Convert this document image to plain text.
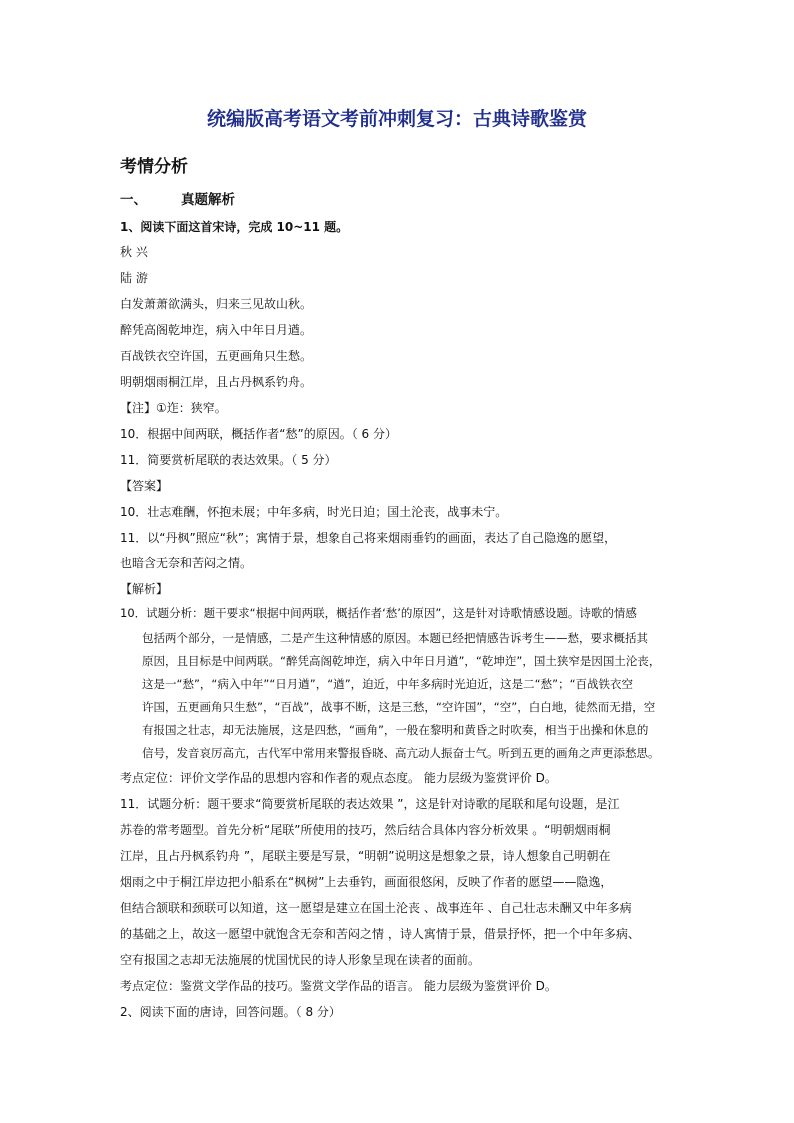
统编版高考语文考前冲刺复习：古典诗歌鉴赏
考情分析
一、	真题解析
1、阅读下面这首宋诗，完成 10~11 题。
秋 兴
陆 游
白发萧萧欲满头，归来三见故山秋。
醉凭高阁乾坤迮，病入中年日月遒。
百战铁衣空许国，五更画角只生愁。
明朝烟雨桐江岸，且占丹枫系钓舟。
【注】①迮：狭窄。
10．根据中间两联，概括作者“愁”的原因。（ 6 分）
11．简要赏析尾联的表达效果。（ 5 分）
【答案】
10．壮志难酬，怀抱未展；中年多病，时光日迫；国土沦丧，战事未宁。
11．以“丹枫”照应“秋”；寓情于景，想象自己将来烟雨垂钓的画面，表达了自己隐逸的愿望，
也暗含无奈和苦闷之情。
【解析】
10．试题分析：题干要求“根据中间两联，概括作者‘愁’的原因”，这是针对诗歌情感设题。诗歌的情感
包括两个部分，一是情感，二是产生这种情感的原因。本题已经把情感告诉考生——愁，要求概括其
原因，且目标是中间两联。“醉凭高阁乾坤迮，病入中年日月遒”，“乾坤迮”，国土狭窄是因国土沦丧，
这是一“愁”，“病入中年”“日月遒”，“遒”，迫近，中年多病时光迫近，这是二“愁”；“百战铁衣空
许国，五更画角只生愁”，“百战”，战事不断，这是三愁，“空许国”，“空”，白白地，徒然而无措，空
有报国之壮志，却无法施展，这是四愁，“画角”，一般在黎明和黄昏之时吹奏，相当于出操和休息的
信号，发音哀厉高亢，古代军中常用来警报昏晓、高亢动人振奋士气。听到五更的画角之声更添愁思。
考点定位：评价文学作品的思想内容和作者的观点态度。 能力层级为鉴赏评价 D。
11．试题分析：题干要求“简要赏析尾联的表达效果 ”，这是针对诗歌的尾联和尾句设题，是江
苏卷的常考题型。首先分析“尾联”所使用的技巧，然后结合具体内容分析效果 。“明朝烟雨桐
江岸，且占丹枫系钓舟 ”，尾联主要是写景，“明朝”说明这是想象之景，诗人想象自己明朝在
烟雨之中于桐江岸边把小船系在“枫树”上去垂钓，画面很悠闲，反映了作者的愿望——隐逸，
但结合颔联和颈联可以知道，这一愿望是建立在国土沦丧 、战事连年 、自己壮志未酬又中年多病
的基础之上，故这一愿望中就饱含无奈和苦闷之情 ，诗人寓情于景，借景抒怀，把一个中年多病、
空有报国之志却无法施展的忧国忧民的诗人形象呈现在读者的面前。
考点定位：鉴赏文学作品的技巧。鉴赏文学作品的语言。 能力层级为鉴赏评价 D。
2、阅读下面的唐诗，回答问题。（ 8 分）
